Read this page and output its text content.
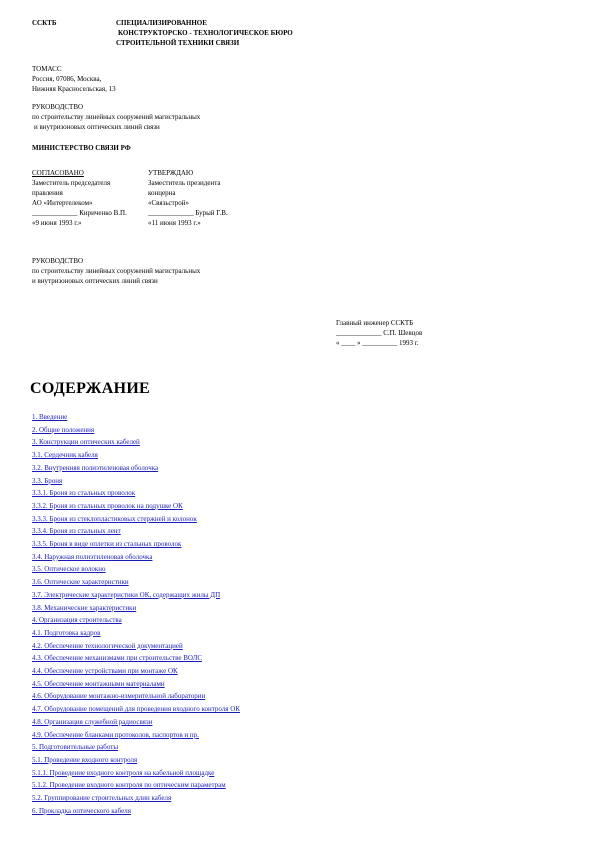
ССКТБ	СПЕЦИАЛИЗИРОВАННОЕ
КОНСТРУКТОРСКО - ТЕХНОЛОГИЧЕСКОЕ БЮРО
СТРОИТЕЛЬНОЙ ТЕХНИКИ СВЯЗИ
ТОМАСС
Россия, 07086, Москва,
Нижняя Красносельская, 13
РУКОВОДСТВО
по строительству линейных сооружений магистральных
и внутризоновых оптических линий связи
МИНИСТЕРСТВО СВЯЗИ РФ
СОГЛАСОВАНО
Заместитель председателя
правления
АО «Интертелеком»
_____________ Кириченко В.П.
«9 июня 1993 г.»
УТВЕРЖДАЮ
Заместитель президента
концерна
«Связьстрой»
_____________ Бурый Г.В.
«11 июня 1993 г.»
РУКОВОДСТВО
по строительству линейных сооружений магистральных
и внутризоновых оптических линий связи
Главный инженер ССКТБ
_____________ С.П. Шевцов
« ____ » __________ 1993 г.
СОДЕРЖАНИЕ
1. Введение
2. Общие положения
3. Конструкции оптических кабелей
3.1. Сердечник кабеля
3.2. Внутренняя полиэтиленовая оболочка
3.3. Броня
3.3.1. Броня из стальных проволок
3.3.2. Броня из стальных проволок на подушке ОК
3.3.3. Броня из стеклопластиковых стержней и колонок
3.3.4. Броня из стальных лент
3.3.5. Броня в виде оплетки из стальных проволок
3.4. Наружная полиэтиленовая оболочка
3.5. Оптическое волокно
3.6. Оптические характеристики
3.7. Электрические характеристики ОК, содержащих жилы ДП
3.8. Механические характеристики
4. Организация строительства
4.1. Подготовка кадров
4.2. Обеспечение технологической документацией
4.3. Обеспечение механизмами при строительстве ВОЛС
4.4. Обеспечение устройствами при монтаже ОК
4.5. Обеспечение монтажными материалами
4.6. Оборудование монтажно-измерительной лаборатории
4.7. Оборудование помещений для проведения входного контроля ОК
4.8. Организация служебной радиосвязи
4.9. Обеспечение бланками протоколов, паспортов и пр.
5. Подготовительные работы
5.1. Проведение входного контроля
5.1.1. Проведение входного контроля на кабельной площадке
5.1.2. Проведение входного контроля по оптическим параметрам
5.2. Группирование строительных длин кабеля
6. Прокладка оптического кабеля
